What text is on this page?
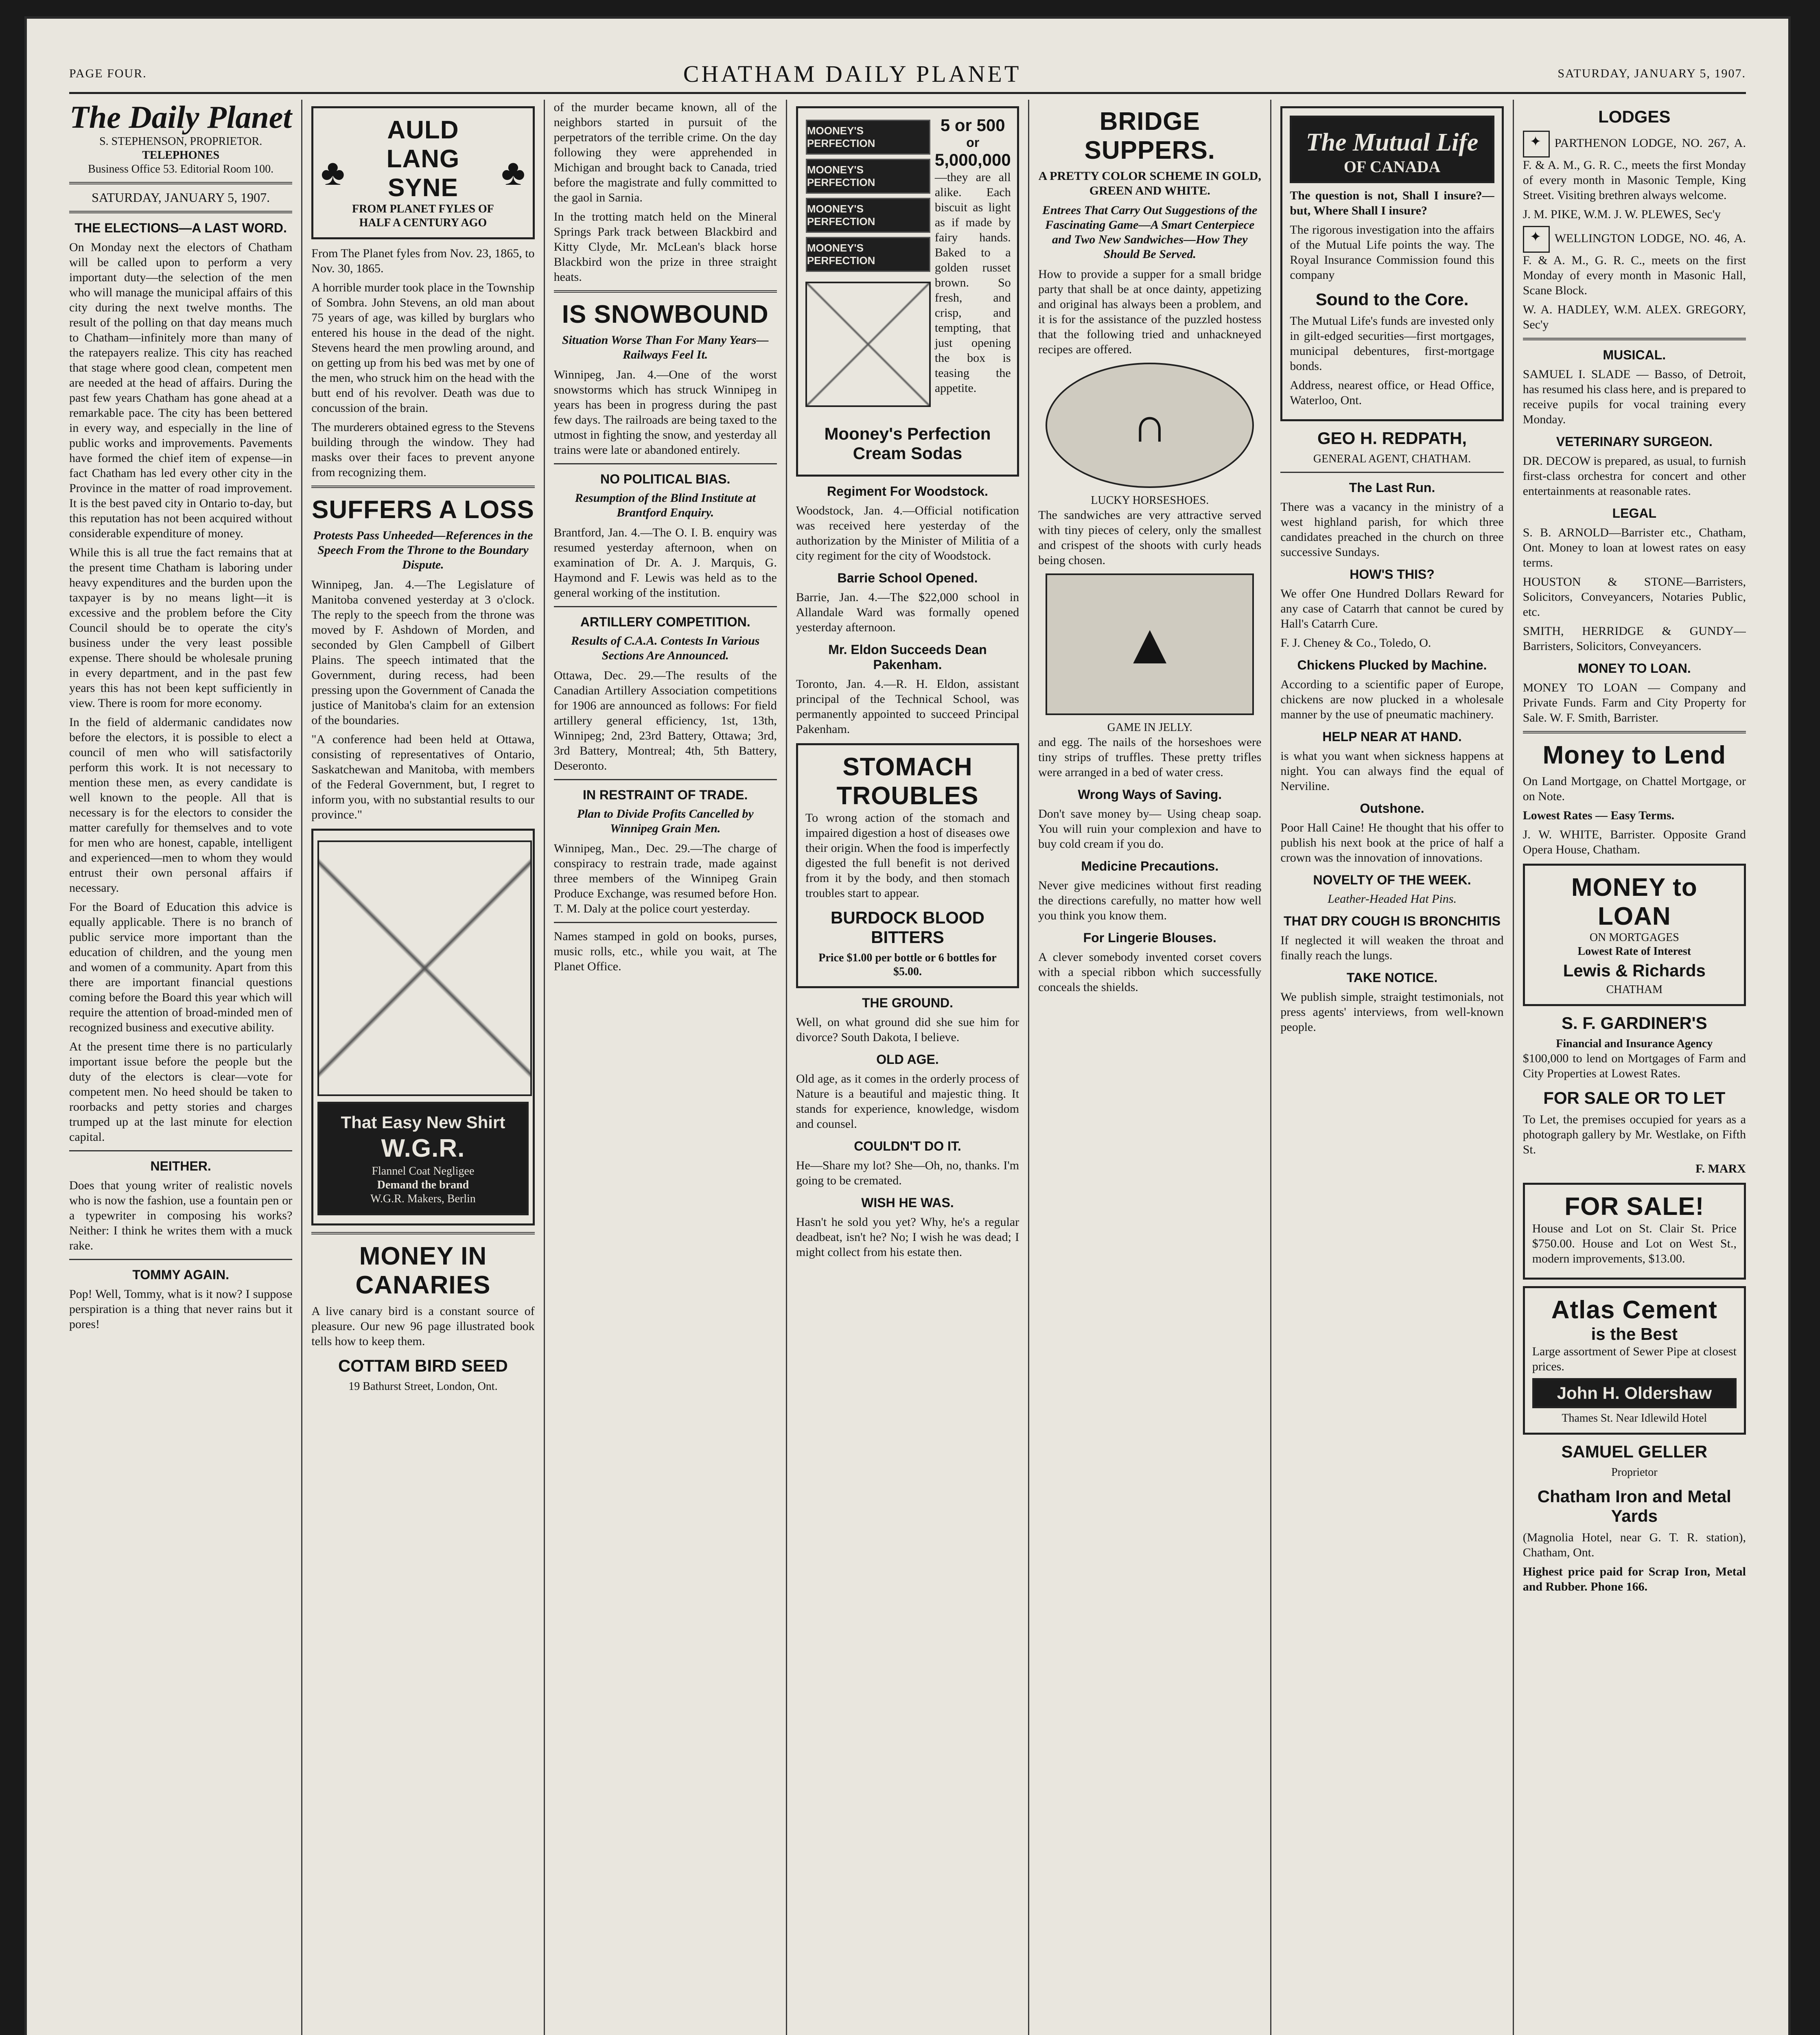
PAGE FOUR.	CHATHAM DAILY PLANET	SATURDAY, JANUARY 5, 1907.
The Daily Planet
S. STEPHENSON, PROPRIETOR.
TELEPHONES
Business Office 53. Editorial Room 100.
SATURDAY, JANUARY 5, 1907.
THE ELECTIONS—A LAST WORD.

On Monday next the electors of Chatham will be called upon to perform a very important duty—the selection of the men who will manage the municipal affairs of this city during the next twelve months. The result of the polling on that day means much to Chatham—infinitely more than many of the ratepayers realize. This city has reached that stage where good clean, competent men are needed at the head of affairs. During the past few years Chatham has gone ahead at a remarkable pace. The city has been bettered in every way, and especially in the line of public works and improvements. Pavements have formed the chief item of expense—in fact Chatham has led every other city in the Province in the matter of road improvement. It is the best paved city in Ontario to-day, but this reputation has not been acquired without considerable expenditure of money.

While this is all true the fact remains that at the present time Chatham is laboring under heavy expenditures and the burden upon the taxpayer is by no means light—it is excessive and the problem before the City Council should be to operate the city's business under the very least possible expense. There should be wholesale pruning in every department, and in the past few years this has not been kept sufficiently in view. There is room for more economy.

In the field of aldermanic candidates now before the electors, it is possible to elect a council of men who will satisfactorily perform this work. It is not necessary to mention these men, as every candidate is well known to the people. All that is necessary is for the electors to consider the matter carefully for themselves and to vote for men who are honest, capable, intelligent and experienced—men to whom they would entrust their own personal affairs if necessary.

For the Board of Education this advice is equally applicable. There is no branch of public service more important than the education of children, and the young men and women of a community. Apart from this there are important financial questions coming before the Board this year which will require the attention of broad-minded men of recognized business and executive ability.

At the present time there is no particularly important issue before the people but the duty of the electors is clear—vote for competent men. No heed should be taken to roorbacks and petty stories and charges trumped up at the last minute for election capital.

NEITHER.

Does that young writer of realistic novels who is now the fashion, use a fountain pen or a typewriter in composing his works? Neither: I think he writes them with a muck rake.

TOMMY AGAIN.

Pop! Well, Tommy, what is it now? I suppose perspiration is a thing that never rains but it pores!

♣
AULD LANG SYNE
FROM PLANET FYLES OF HALF A CENTURY AGO
♣

From The Planet fyles from Nov. 23, 1865, to Nov. 30, 1865.

A horrible murder took place in the Township of Sombra. John Stevens, an old man about 75 years of age, was killed by burglars who entered his house in the dead of the night. Stevens heard the men prowling around, and on getting up from his bed was met by one of the men, who struck him on the head with the butt end of his revolver. Death was due to concussion of the brain.

The murderers obtained egress to the Stevens building through the window. They had masks over their faces to prevent anyone from recognizing them.

SUFFERS A LOSS
Protests Pass Unheeded—References in the Speech From the Throne to the Boundary Dispute.

Winnipeg, Jan. 4.—The Legislature of Manitoba convened yesterday at 3 o'clock. The reply to the speech from the throne was moved by F. Ashdown of Morden, and seconded by Glen Campbell of Gilbert Plains. The speech intimated that the Government, during recess, had been pressing upon the Government of Canada the justice of Manitoba's claim for an extension of the boundaries.

"A conference had been held at Ottawa, consisting of representatives of Ontario, Saskatchewan and Manitoba, with members of the Federal Government, but, I regret to inform you, with no substantial results to our province."

That Easy New Shirt
W.G.R.
Flannel Coat Negligee
Demand the brand
W.G.R. Makers, Berlin
MONEY IN CANARIES

A live canary bird is a constant source of pleasure. Our new 96 page illustrated book tells how to keep them.

COTTAM BIRD SEED
19 Bathurst Street, London, Ont.

of the murder became known, all of the neighbors started in pursuit of the perpetrators of the terrible crime. On the day following they were apprehended in Michigan and brought back to Canada, tried before the magistrate and fully committed to the gaol in Sarnia.

In the trotting match held on the Mineral Springs Park track between Blackbird and Kitty Clyde, Mr. McLean's black horse Blackbird won the prize in three straight heats.

IS SNOWBOUND
Situation Worse Than For Many Years—Railways Feel It.

Winnipeg, Jan. 4.—One of the worst snowstorms which has struck Winnipeg in years has been in progress during the past few days. The railroads are being taxed to the utmost in fighting the snow, and yesterday all trains were late or abandoned entirely.

NO POLITICAL BIAS.
Resumption of the Blind Institute at Brantford Enquiry.

Brantford, Jan. 4.—The O. I. B. enquiry was resumed yesterday afternoon, when on examination of Dr. A. J. Marquis, G. Haymond and F. Lewis was held as to the general working of the institution.

ARTILLERY COMPETITION.
Results of C.A.A. Contests In Various Sections Are Announced.

Ottawa, Dec. 29.—The results of the Canadian Artillery Association competitions for 1906 are announced as follows: For field artillery general efficiency, 1st, 13th, Winnipeg; 2nd, 23rd Battery, Ottawa; 3rd, 3rd Battery, Montreal; 4th, 5th Battery, Deseronto.

IN RESTRAINT OF TRADE.
Plan to Divide Profits Cancelled by Winnipeg Grain Men.

Winnipeg, Man., Dec. 29.—The charge of conspiracy to restrain trade, made against three members of the Winnipeg Grain Produce Exchange, was resumed before Hon. T. M. Daly at the police court yesterday.

Names stamped in gold on books, purses, music rolls, etc., while you wait, at The Planet Office.

MOONEY'S PERFECTION
MOONEY'S PERFECTION
MOONEY'S PERFECTION
MOONEY'S PERFECTION
5 or 500
or
5,000,000

—they are all alike. Each biscuit as light as if made by fairy hands. Baked to a golden russet brown. So fresh, and crisp, and tempting, that just opening the box is teasing the appetite.

Mooney's Perfection Cream Sodas
Regiment For Woodstock.

Woodstock, Jan. 4.—Official notification was received here yesterday of the authorization by the Minister of Militia of a city regiment for the city of Woodstock.

Barrie School Opened.

Barrie, Jan. 4.—The $22,000 school in Allandale Ward was formally opened yesterday afternoon.

Mr. Eldon Succeeds Dean Pakenham.

Toronto, Jan. 4.—R. H. Eldon, assistant principal of the Technical School, was permanently appointed to succeed Principal Pakenham.

STOMACH
TROUBLES

To wrong action of the stomach and impaired digestion a host of diseases owe their origin. When the food is imperfectly digested the full benefit is not derived from it by the body, and then stomach troubles start to appear.

BURDOCK BLOOD BITTERS
Price $1.00 per bottle or 6 bottles for $5.00.
THE GROUND.

Well, on what ground did she sue him for divorce? South Dakota, I believe.

OLD AGE.

Old age, as it comes in the orderly process of Nature is a beautiful and majestic thing. It stands for experience, knowledge, wisdom and counsel.

COULDN'T DO IT.

He—Share my lot? She—Oh, no, thanks. I'm going to be cremated.

WISH HE WAS.

Hasn't he sold you yet? Why, he's a regular deadbeat, isn't he? No; I wish he was dead; I might collect from his estate then.

BRIDGE SUPPERS.
A PRETTY COLOR SCHEME IN GOLD, GREEN AND WHITE.
Entrees That Carry Out Suggestions of the Fascinating Game—A Smart Centerpiece and Two New Sandwiches—How They Should Be Served.

How to provide a supper for a small bridge party that shall be at once dainty, appetizing and original has always been a problem, and it is for the assistance of the puzzled hostess that the following tried and unhackneyed recipes are offered.

∩
LUCKY HORSESHOES.

The sandwiches are very attractive served with tiny pieces of celery, only the smallest and crispest of the shoots with curly heads being chosen.

▲
GAME IN JELLY.

and egg. The nails of the horseshoes were tiny strips of truffles. These pretty trifles were arranged in a bed of water cress.

Wrong Ways of Saving.

Don't save money by— Using cheap soap. You will ruin your complexion and have to buy cold cream if you do.

Medicine Precautions.

Never give medicines without first reading the directions carefully, no matter how well you think you know them.

For Lingerie Blouses.

A clever somebody invented corset covers with a special ribbon which successfully conceals the shields.

The Mutual Life
OF CANADA

The question is not, Shall I insure?—but, Where Shall I insure?

The rigorous investigation into the affairs of the Mutual Life points the way. The Royal Insurance Commission found this company

Sound to the Core.

The Mutual Life's funds are invested only in gilt-edged securities—first mortgages, municipal debentures, first-mortgage bonds.

Address, nearest office, or Head Office, Waterloo, Ont.

GEO H. REDPATH,
GENERAL AGENT, CHATHAM.
The Last Run.

There was a vacancy in the ministry of a west highland parish, for which three candidates preached in the church on three successive Sundays.

HOW'S THIS?

We offer One Hundred Dollars Reward for any case of Catarrh that cannot be cured by Hall's Catarrh Cure.

F. J. Cheney & Co., Toledo, O.

Chickens Plucked by Machine.

According to a scientific paper of Europe, chickens are now plucked in a wholesale manner by the use of pneumatic machinery.

HELP NEAR AT HAND.

is what you want when sickness happens at night. You can always find the equal of Nerviline.

Outshone.

Poor Hall Caine! He thought that his offer to publish his next book at the price of half a crown was the innovation of innovations.

NOVELTY OF THE WEEK.
Leather-Headed Hat Pins.
THAT DRY COUGH IS BRONCHITIS

If neglected it will weaken the throat and finally reach the lungs.

TAKE NOTICE.

We publish simple, straight testimonials, not press agents' interviews, from well-known people.

LODGES

✦PARTHENON LODGE, NO. 267, A. F. & A. M., G. R. C., meets the first Monday of every month in Masonic Temple, King Street. Visiting brethren always welcome.

J. M. PIKE, W.M. J. W. PLEWES, Sec'y

✦WELLINGTON LODGE, NO. 46, A. F. & A. M., G. R. C., meets on the first Monday of every month in Masonic Hall, Scane Block.

W. A. HADLEY, W.M. ALEX. GREGORY, Sec'y

MUSICAL.

SAMUEL I. SLADE — Basso, of Detroit, has resumed his class here, and is prepared to receive pupils for vocal training every Monday.

VETERINARY SURGEON.

DR. DECOW is prepared, as usual, to furnish first-class orchestra for concert and other entertainments at reasonable rates.

LEGAL

S. B. ARNOLD—Barrister etc., Chatham, Ont. Money to loan at lowest rates on easy terms.

HOUSTON & STONE—Barristers, Solicitors, Conveyancers, Notaries Public, etc.

SMITH, HERRIDGE & GUNDY—Barristers, Solicitors, Conveyancers.

MONEY TO LOAN.

MONEY TO LOAN — Company and Private Funds. Farm and City Property for Sale. W. F. Smith, Barrister.

Money to Lend

On Land Mortgage, on Chattel Mortgage, or on Note.

Lowest Rates — Easy Terms.

J. W. WHITE, Barrister. Opposite Grand Opera House, Chatham.

MONEY to LOAN
ON MORTGAGES
Lowest Rate of Interest
Lewis & Richards
CHATHAM
S. F. GARDINER'S
Financial and Insurance Agency

$100,000 to lend on Mortgages of Farm and City Properties at Lowest Rates.

FOR SALE OR TO LET

To Let, the premises occupied for years as a photograph gallery by Mr. Westlake, on Fifth St.

F. MARX

FOR SALE!

House and Lot on St. Clair St. Price $750.00. House and Lot on West St., modern improvements, $13.00.

Atlas Cement
is the Best

Large assortment of Sewer Pipe at closest prices.

John H. Oldershaw
Thames St. Near Idlewild Hotel
SAMUEL GELLER
Proprietor
Chatham Iron and Metal Yards

(Magnolia Hotel, near G. T. R. station), Chatham, Ont.

Highest price paid for Scrap Iron, Metal and Rubber. Phone 166.
